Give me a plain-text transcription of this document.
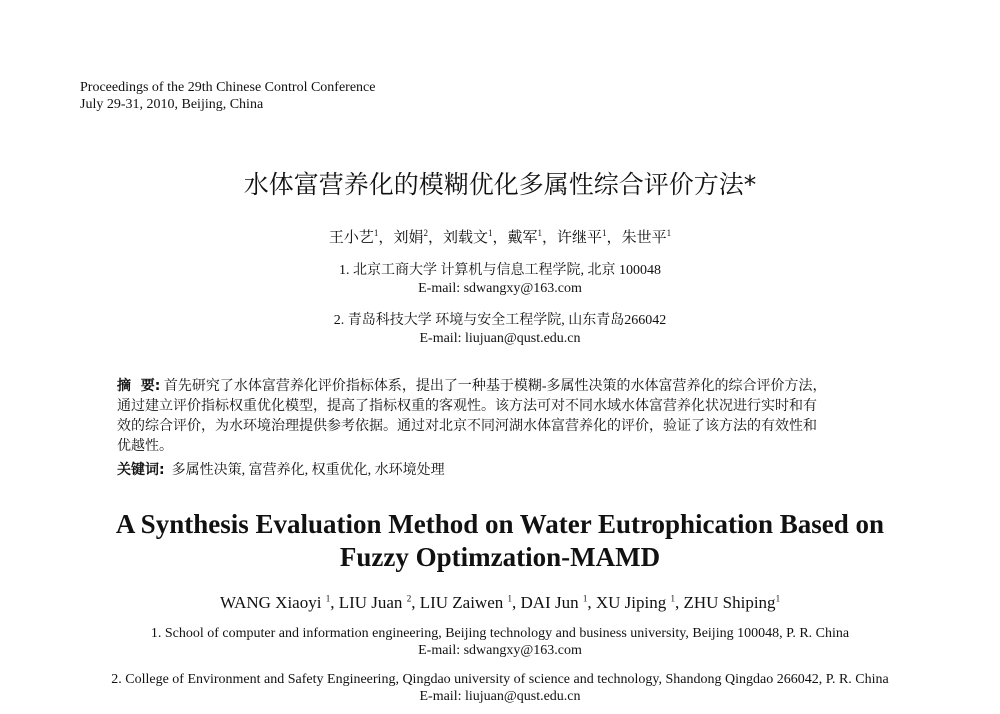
Proceedings of the 29th Chinese Control Conference
July 29-31, 2010, Beijing, China
水体富营养化的模糊优化多属性综合评价方法*
王小艺$^1$，刘娟$^2$，刘载文$^1$，戴军$^1$，许继平$^1$，朱世平$^1$
1. 北京工商大学 计算机与信息工程学院, 北京 100048
E-mail: sdwangxy@163.com
2. 青岛科技大学 环境与安全工程学院, 山东青岛266042
E-mail: liujuan@qust.edu.cn
摘  要: 首先研究了水体富营养化评价指标体系，提出了一种基于模糊-多属性决策的水体富营养化的综合评价方法，
通过建立评价指标权重优化模型，提高了指标权重的客观性。该方法可对不同水域水体富营养化状况进行实时和有
效的综合评价，为水环境治理提供参考依据。通过对北京不同河湖水体富营养化的评价，验证了该方法的有效性和
优越性。
关键词: 多属性决策, 富营养化, 权重优化, 水环境处理
A Synthesis Evaluation Method on Water Eutrophication Based on
Fuzzy Optimzation-MAMD
WANG Xiaoyi $^1$, LIU Juan $^2$, LIU Zaiwen $^1$, DAI Jun $^1$, XU Jiping $^1$, ZHU Shiping$^1$
1. School of computer and information engineering, Beijing technology and business university, Beijing 100048, P. R. China
E-mail: sdwangxy@163.com
2. College of Environment and Safety Engineering, Qingdao university of science and technology, Shandong Qingdao 266042, P. R. China
E-mail: liujuan@qust.edu.cn
